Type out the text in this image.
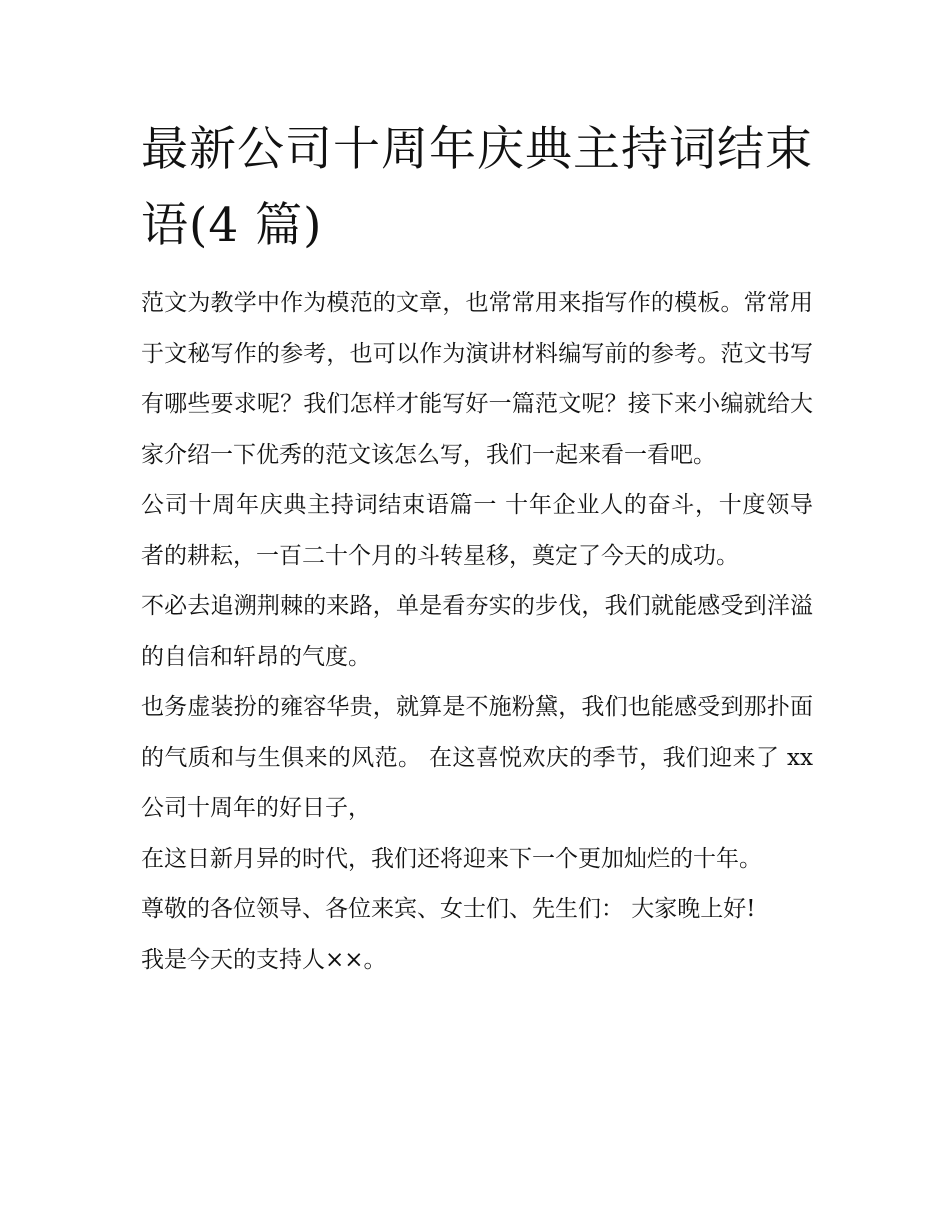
最新公司十周年庆典主持词结束语(4 篇)

范文为教学中作为模范的文章，也常常用来指写作的模板。常常用于文秘写作的参考，也可以作为演讲材料编写前的参考。范文书写有哪些要求呢？我们怎样才能写好一篇范文呢？接下来小编就给大家介绍一下优秀的范文该怎么写，我们一起来看一看吧。

公司十周年庆典主持词结束语篇一 十年企业人的奋斗，十度领导者的耕耘，一百二十个月的斗转星移，奠定了今天的成功。

不必去追溯荆棘的来路，单是看夯实的步伐，我们就能感受到洋溢的自信和轩昂的气度。

也务虚装扮的雍容华贵，就算是不施粉黛，我们也能感受到那扑面的气质和与生俱来的风范。 在这喜悦欢庆的季节，我们迎来了 xx 公司十周年的好日子，

在这日新月异的时代，我们还将迎来下一个更加灿烂的十年。

尊敬的各位领导、各位来宾、女士们、先生们： 大家晚上好!

我是今天的支持人××。
